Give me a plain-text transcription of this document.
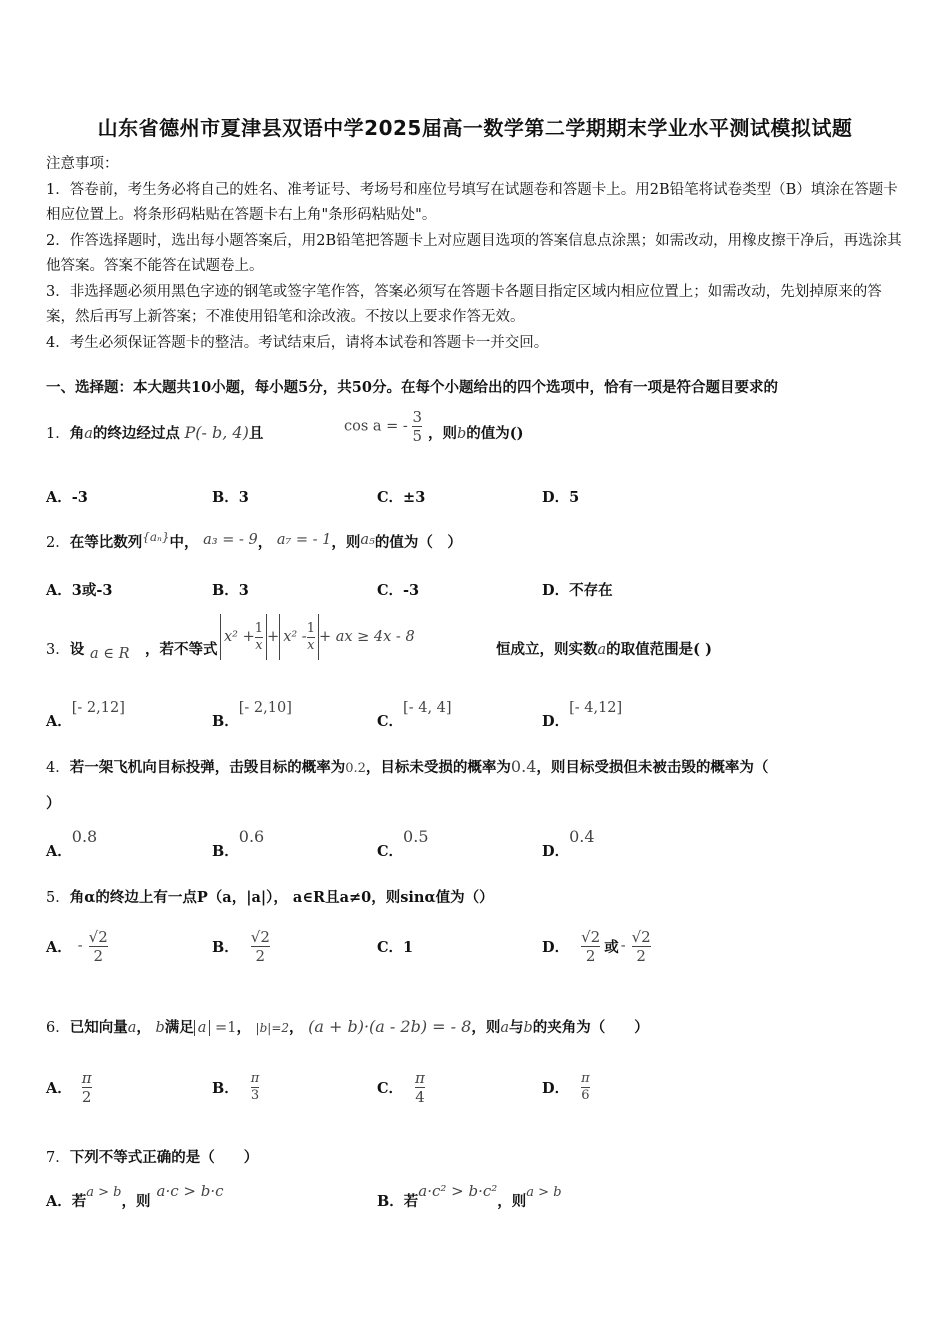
山东省德州市夏津县双语中学2025届高一数学第二学期期末学业水平测试模拟试题

注意事项：

1．答卷前，考生务必将自己的姓名、准考证号、考场号和座位号填写在试题卷和答题卡上。用2B铅笔将试卷类型（B）填涂在答题卡相应位置上。将条形码粘贴在答题卡右上角"条形码粘贴处"。

2．作答选择题时，选出每小题答案后，用2B铅笔把答题卡上对应题目选项的答案信息点涂黑；如需改动，用橡皮擦干净后，再选涂其他答案。答案不能答在试题卷上。

3．非选择题必须用黑色字迹的钢笔或签字笔作答，答案必须写在答题卡各题目指定区域内相应位置上；如需改动，先划掉原来的答案，然后再写上新答案；不准使用铅笔和涂改液。不按以上要求作答无效。

4．考生必须保证答题卡的整洁。考试结束后，请将本试卷和答题卡一并交回。

一、选择题：本大题共10小题，每小题5分，共50分。在每个小题给出的四个选项中，恰有一项是符合题目要求的
1．角a的终边经过点 P(- b, 4)且	cos a = - $\frac{3}{5}$ ，则b的值为()
A．-3	B．3	C．±3	D．5
2．在等比数列$^{\{a_n\}}$中， a₃ = - 9， a₇ = - 1，则a₅的值为（　）
A．3或-3	B．3	C．-3	D．不存在
3．设 a ∈ R ，若不等式
$x^2 + \frac{1}{x} + x^2 - \frac{1}{x}$ + ax ≥ 4x - 8
恒成立，则实数a的取值范围是( )
A．[- 2,12]
B．[- 2,10]
C．[- 4, 4]
D．[- 4,12]
4．若一架飞机向目标投弹，击毁目标的概率为0.2，目标未受损的概率为0.4，则目标受损但未被击毁的概率为（
）
A．0.8
B．0.6
C．0.5
D．0.4
5．角α的终边上有一点P（a，|a|）， a∈R且a≠0，则sinα值为（）
A． - $\frac{√2}{2}$	B． $\frac{√2}{2}$	C．1	D． $\frac{√2}{2}$ 或 - $\frac{√2}{2}$
6．已知向量a， b满足 a =1， |b|=2， (a + b)·(a - 2b) = - 8，则a与b的夹角为（　　）
A． $\frac{\pi}{2}$	B． $\frac{\pi}{3}$	C． $\frac{\pi}{4}$	D． $\frac{\pi}{6}$
7．下列不等式正确的是（　　）
A．若a > b，则a·c > b·c
B．若a·c² > b·c²，则a > b
